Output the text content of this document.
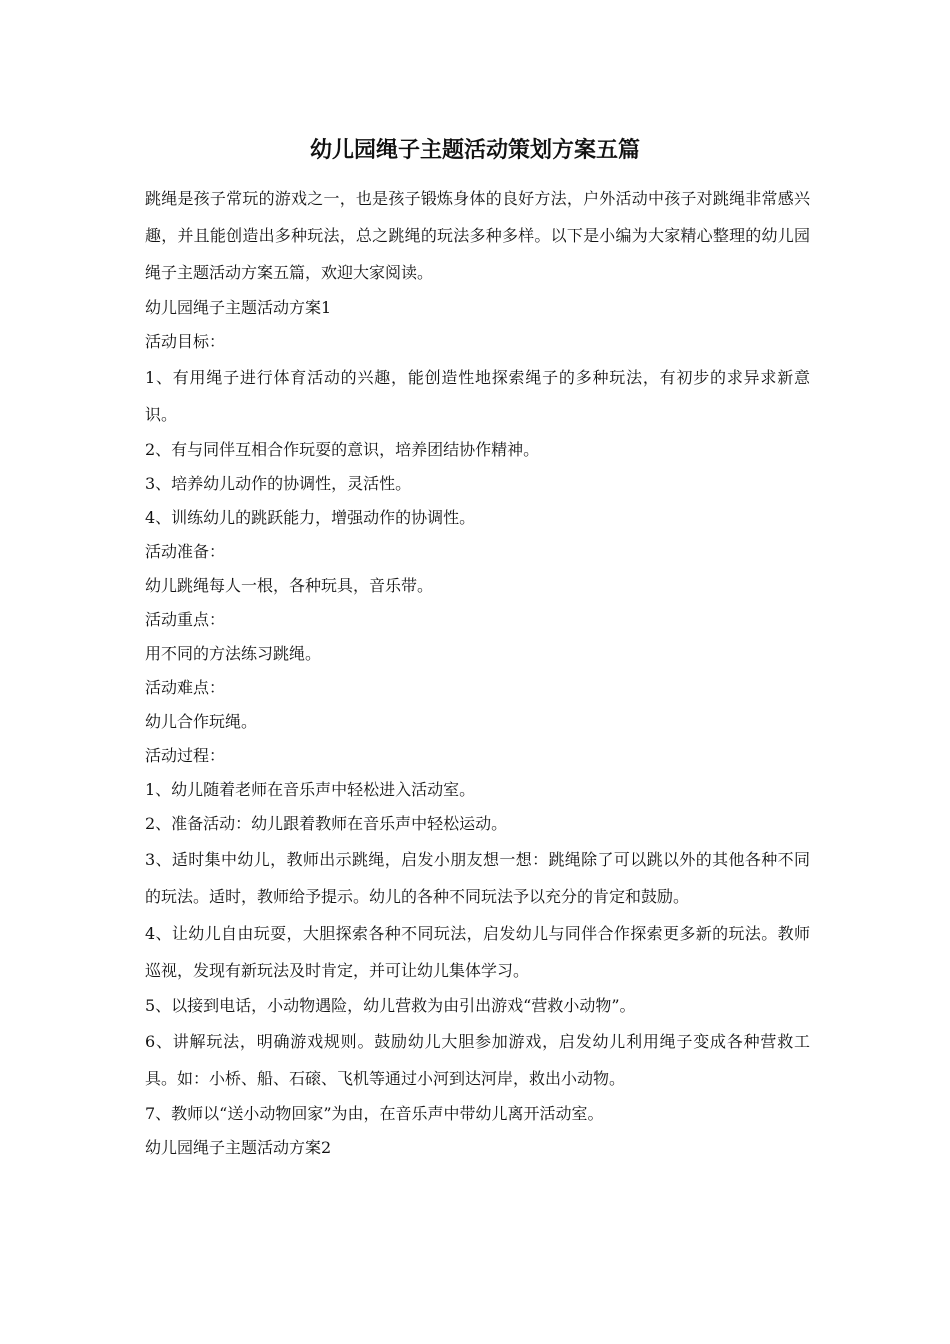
幼儿园绳子主题活动策划方案五篇

跳绳是孩子常玩的游戏之一，也是孩子锻炼身体的良好方法，户外活动中孩子对跳绳非常感兴趣，并且能创造出多种玩法，总之跳绳的玩法多种多样。以下是小编为大家精心整理的幼儿园绳子主题活动方案五篇，欢迎大家阅读。

幼儿园绳子主题活动方案1

活动目标：

1、有用绳子进行体育活动的兴趣，能创造性地探索绳子的多种玩法，有初步的求异求新意识。

2、有与同伴互相合作玩耍的意识，培养团结协作精神。

3、培养幼儿动作的协调性，灵活性。

4、训练幼儿的跳跃能力，增强动作的协调性。

活动准备：

幼儿跳绳每人一根，各种玩具，音乐带。

活动重点：

用不同的方法练习跳绳。

活动难点：

幼儿合作玩绳。

活动过程：

1、幼儿随着老师在音乐声中轻松进入活动室。

2、准备活动：幼儿跟着教师在音乐声中轻松运动。

3、适时集中幼儿，教师出示跳绳，启发小朋友想一想：跳绳除了可以跳以外的其他各种不同的玩法。适时，教师给予提示。幼儿的各种不同玩法予以充分的肯定和鼓励。

4、让幼儿自由玩耍，大胆探索各种不同玩法，启发幼儿与同伴合作探索更多新的玩法。教师巡视，发现有新玩法及时肯定，并可让幼儿集体学习。

5、以接到电话，小动物遇险，幼儿营救为由引出游戏“营救小动物”。

6、讲解玩法，明确游戏规则。鼓励幼儿大胆参加游戏，启发幼儿利用绳子变成各种营救工具。如：小桥、船、石磙、飞机等通过小河到达河岸，救出小动物。

7、教师以“送小动物回家”为由，在音乐声中带幼儿离开活动室。

幼儿园绳子主题活动方案2
